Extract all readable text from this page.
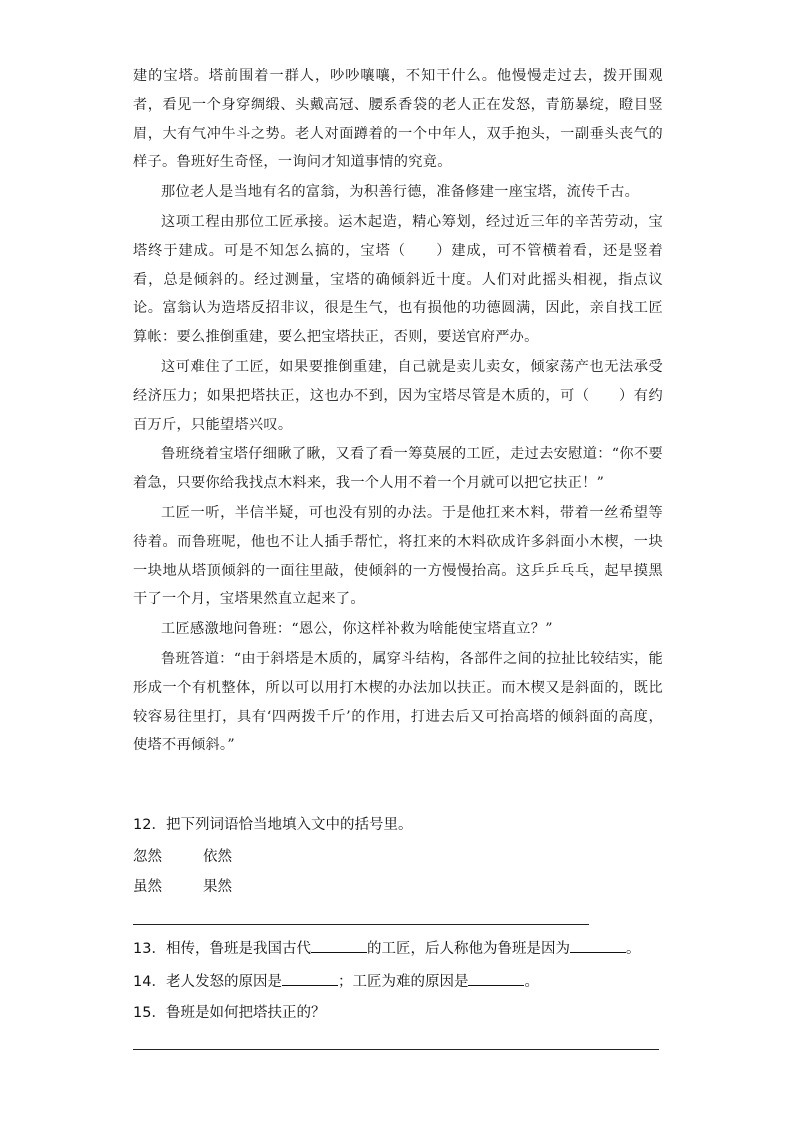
建的宝塔。塔前围着一群人，吵吵嚷嚷，不知干什么。他慢慢走过去，拨开围观者，看见一个身穿绸缎、头戴高冠、腰系香袋的老人正在发怒，青筋暴绽，瞪目竖眉，大有气冲牛斗之势。老人对面蹲着的一个中年人，双手抱头，一副垂头丧气的样子。鲁班好生奇怪，一询问才知道事情的究竟。

那位老人是当地有名的富翁，为积善行德，准备修建一座宝塔，流传千古。

这项工程由那位工匠承接。运木起造，精心筹划，经过近三年的辛苦劳动，宝塔终于建成。可是不知怎么搞的，宝塔（　　）建成，可不管横着看，还是竖着看，总是倾斜的。经过测量，宝塔的确倾斜近十度。人们对此摇头相视，指点议论。富翁认为造塔反招非议，很是生气，也有损他的功德圆满，因此，亲自找工匠算帐：要么推倒重建，要么把宝塔扶正，否则，要送官府严办。

这可难住了工匠，如果要推倒重建，自己就是卖儿卖女，倾家荡产也无法承受经济压力；如果把塔扶正，这也办不到，因为宝塔尽管是木质的，可（　　）有约百万斤，只能望塔兴叹。

鲁班绕着宝塔仔细瞅了瞅，又看了看一筹莫展的工匠，走过去安慰道：“你不要着急，只要你给我找点木料来，我一个人用不着一个月就可以把它扶正！”

工匠一听，半信半疑，可也没有别的办法。于是他扛来木料，带着一丝希望等待着。而鲁班呢，他也不让人插手帮忙，将扛来的木料砍成许多斜面小木楔，一块一块地从塔顶倾斜的一面往里敲，使倾斜的一方慢慢抬高。这乒乒乓乓，起早摸黑干了一个月，宝塔果然直立起来了。

工匠感激地问鲁班：“恩公，你这样补救为啥能使宝塔直立？”

鲁班答道：“由于斜塔是木质的，属穿斗结构，各部件之间的拉扯比较结实，能形成一个有机整体，所以可以用打木楔的办法加以扶正。而木楔又是斜面的，既比较容易往里打，具有‘四两拨千斤’的作用，打进去后又可抬高塔的倾斜面的高度，使塔不再倾斜。”

12．把下列词语恰当地填入文中的括号里。
忽然	依然
虽然	果然
13．相传，鲁班是我国古代	的工匠，后人称他为鲁班是因为	。
14．老人发怒的原因是	；工匠为难的原因是	。
15．鲁班是如何把塔扶正的？
